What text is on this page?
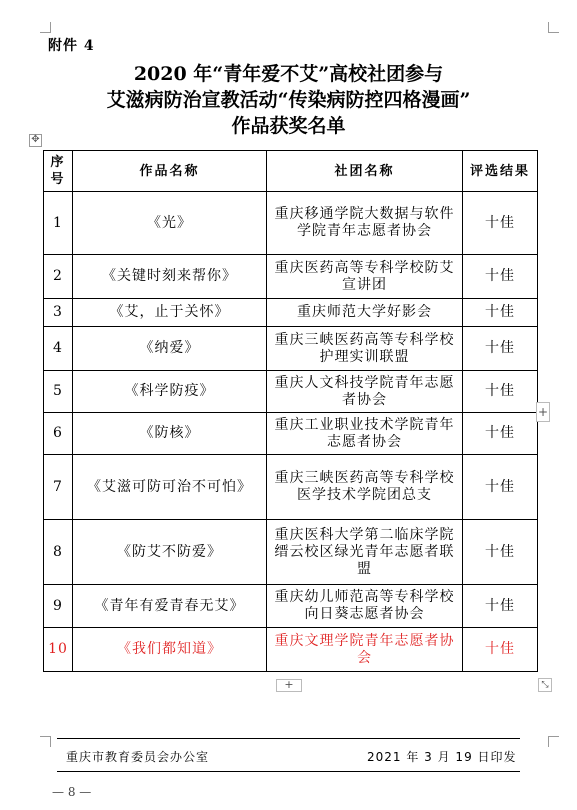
附件 4
2020 年“青年爱不艾”高校社团参与
艾滋病防治宣教活动“传染病防控四格漫画”
作品获奖名单
✥
序号	作品名称	社团名称	评选结果
1	《光》	重庆移通学院大数据与软件学院青年志愿者协会	十佳
2	《关键时刻来帮你》	重庆医药高等专科学校防艾宣讲团	十佳
3	《艾，止于关怀》	重庆师范大学好影会	十佳
4	《纳爱》	重庆三峡医药高等专科学校护理实训联盟	十佳
5	《科学防疫》	重庆人文科技学院青年志愿者协会	十佳
6	《防核》	重庆工业职业技术学院青年志愿者协会	十佳
7	《艾滋可防可治不可怕》	重庆三峡医药高等专科学校医学技术学院团总支	十佳
8	《防艾不防爱》	重庆医科大学第二临床学院缙云校区绿光青年志愿者联盟	十佳
9	《青年有爱青春无艾》	重庆幼儿师范高等专科学校向日葵志愿者协会	十佳
10	《我们都知道》	重庆文理学院青年志愿者协会	十佳
+
+	⤡
重庆市教育委员会办公室	2021 年 3 月 19 日印发
— 8 —
